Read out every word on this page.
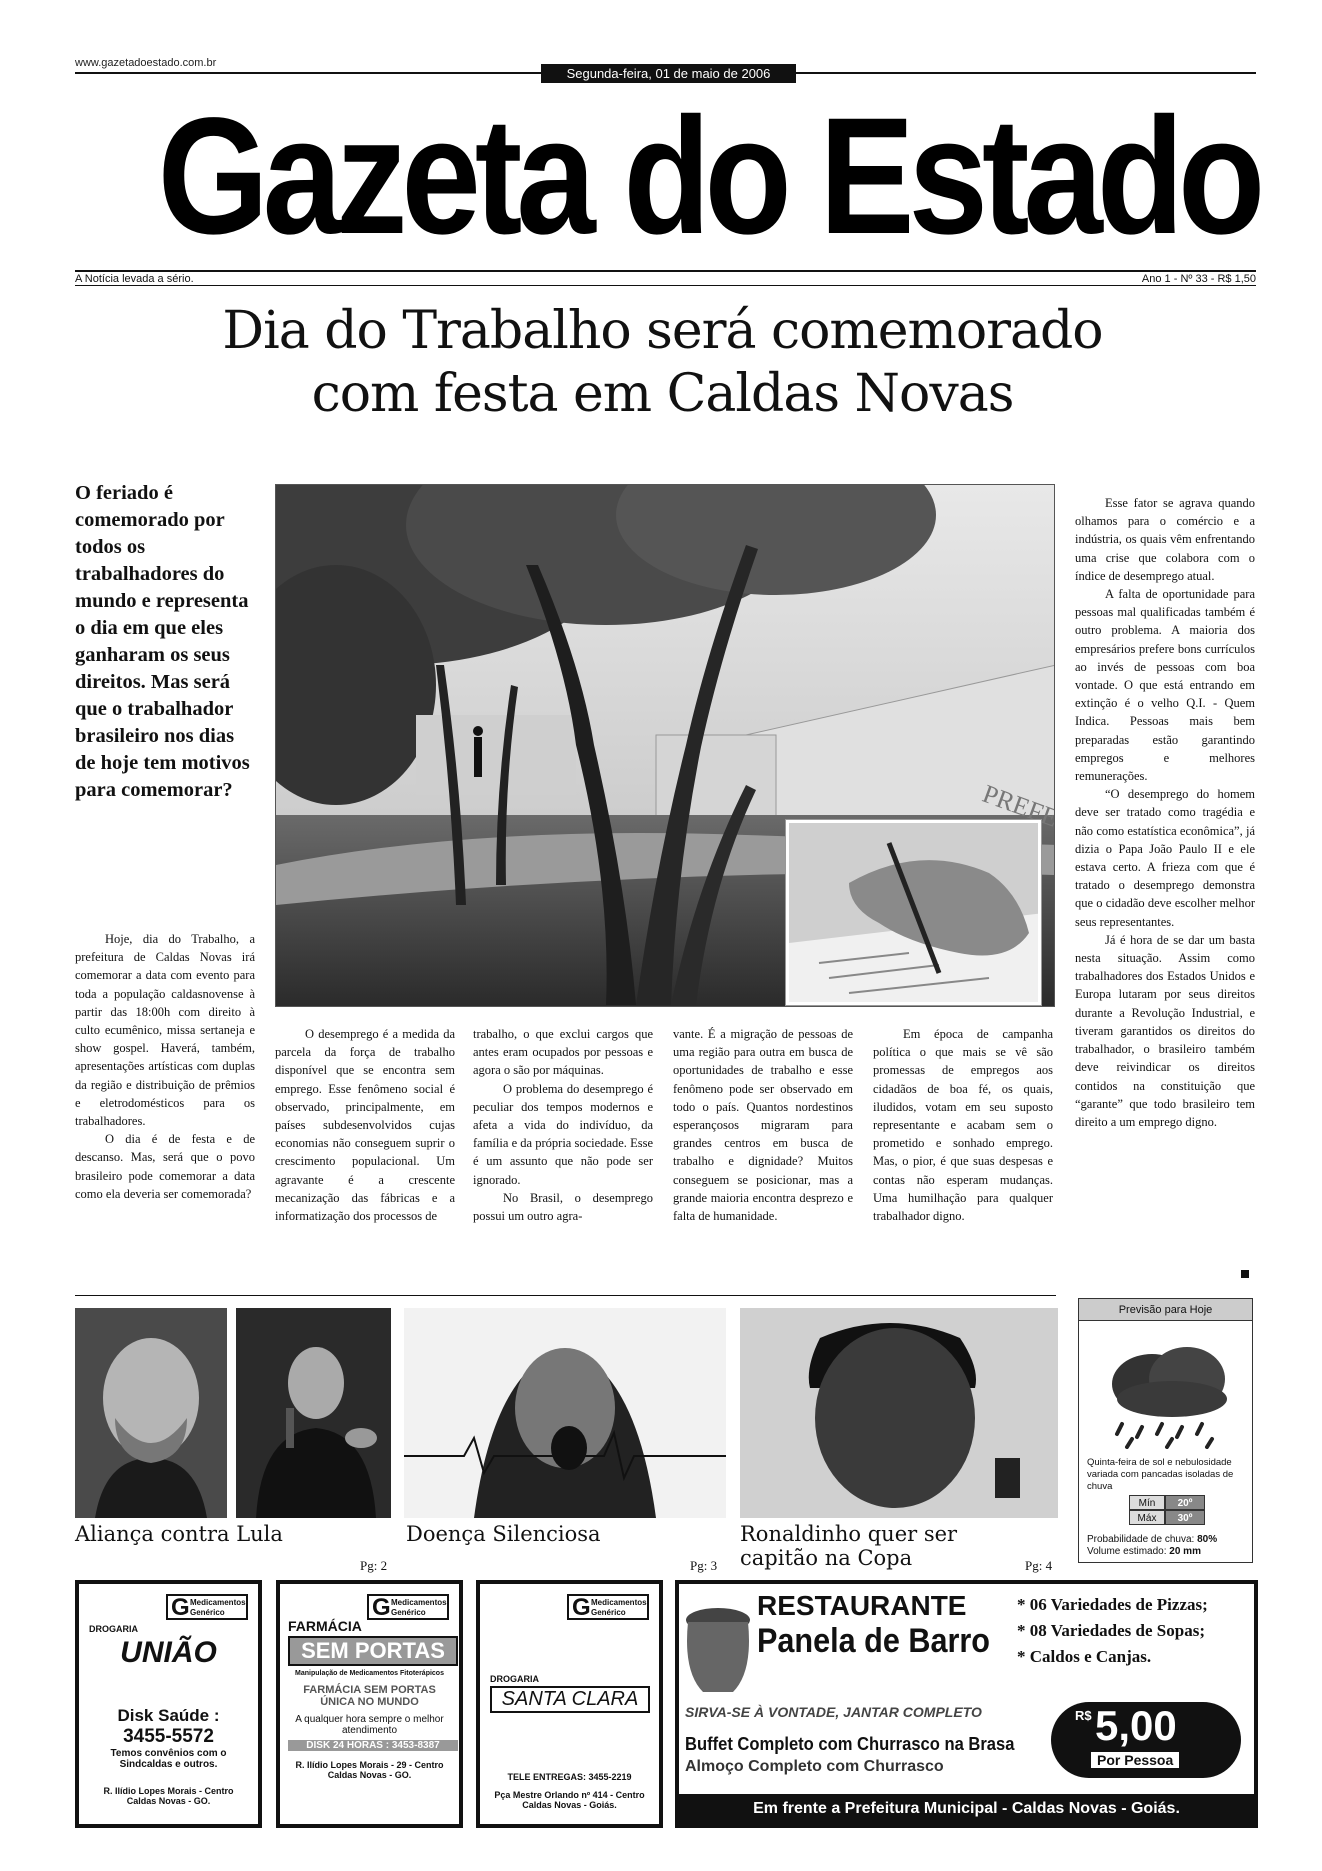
www.gazetadoestado.com.br
Segunda-feira, 01 de maio de 2006
Gazeta do Estado
A Notícia levada a sério.	Ano 1 - Nº 33 - R$ 1,50
Dia do Trabalho será comemorado
com festa em Caldas Novas
O feriado é comemorado por todos os trabalhadores do mundo e representa o dia em que eles ganharam os seus direitos. Mas será que o trabalhador brasileiro nos dias de hoje tem motivos para comemorar?	PREFEITURA

Hoje, dia do Trabalho, a prefeitura de Caldas Novas irá comemorar a data com evento para toda a população caldasnovense à partir das 18:00h com direito à culto ecumênico, missa sertaneja e show gospel. Haverá, também, apresentações artísticas com duplas da região e distribuição de prêmios e eletrodomésticos para os trabalhadores.

O dia é de festa e de descanso. Mas, será que o povo brasileiro pode comemorar a data como ela deveria ser comemorada?

O desemprego é a medida da parcela da força de trabalho disponível que se encontra sem emprego. Esse fenômeno social é observado, principalmente, em países subdesenvolvidos cujas economias não conseguem suprir o crescimento populacional. Um agravante é a crescente mecanização das fábricas e a informatização dos processos de

trabalho, o que exclui cargos que antes eram ocupados por pessoas e agora o são por máquinas.

O problema do desemprego é peculiar dos tempos modernos e afeta a vida do indivíduo, da família e da própria sociedade. Esse é um assunto que não pode ser ignorado.

No Brasil, o desemprego possui um outro agra-

vante. É a migração de pessoas de uma região para outra em busca de oportunidades de trabalho e esse fenômeno pode ser observado em todo o país. Quantos nordestinos esperançosos migraram para grandes centros em busca de trabalho e dignidade? Muitos conseguem se posicionar, mas a grande maioria encontra desprezo e falta de humanidade.

Em época de campanha política o que mais se vê são promessas de empregos aos cidadãos de boa fé, os quais, iludidos, votam em seu suposto representante e acabam sem o prometido e sonhado emprego. Mas, o pior, é que suas despesas e contas não esperam mudanças. Uma humilhação para qualquer trabalhador digno.

Esse fator se agrava quando olhamos para o comércio e a indústria, os quais vêm enfrentando uma crise que colabora com o índice de desemprego atual.

A falta de oportunidade para pessoas mal qualificadas também é outro problema. A maioria dos empresários prefere bons currículos ao invés de pessoas com boa vontade. O que está entrando em extinção é o velho Q.I. - Quem Indica. Pessoas mais bem preparadas estão garantindo empregos e melhores remunerações.

“O desemprego do homem deve ser tratado como tragédia e não como estatística econômica”, já dizia o Papa João Paulo II e ele estava certo. A frieza com que é tratado o desemprego demonstra que o cidadão deve escolher melhor seus representantes.

Já é hora de se dar um basta nesta situação. Assim como trabalhadores dos Estados Unidos e Europa lutaram por seus direitos durante a Revolução Industrial, e tiveram garantidos os direitos do trabalhador, o brasileiro também deve reivindicar os direitos contidos na constituição que “garante” que todo brasileiro tem direito a um emprego digno.

Aliança contra Lula
Pg: 2
Doença Silenciosa
Pg: 3
Ronaldinho quer ser capitão na Copa	Pg: 4
Previsão para Hoje
Quinta-feira de sol e nebulosidade variada com pancadas isoladas de chuva
Mín	20º
Máx	30º
Probabilidade de chuva: 80%
Volume estimado: 20 mm
G Medicamentos
Genérico
DROGARIA
UNIÃO
Disk Saúde :
3455-5572
Temos convênios com o Sindcaldas e outros.
R. Ilídio Lopes Morais - Centro Caldas Novas - GO.
G Medicamentos
Genérico
FARMÁCIA
SEM PORTAS
Manipulação de Medicamentos Fitoterápicos
FARMÁCIA SEM PORTAS ÚNICA NO MUNDO
A qualquer hora sempre o melhor atendimento
DISK 24 HORAS : 3453-8387
R. Ilídio Lopes Morais - 29 - Centro Caldas Novas - GO.
G Medicamentos
Genérico
DROGARIA
SANTA CLARA
TELE ENTREGAS: 3455-2219
Pça Mestre Orlando nº 414 - Centro Caldas Novas - Goiás.
RESTAURANTE
Panela de Barro
* 06 Variedades de Pizzas;
* 08 Variedades de Sopas;
* Caldos e Canjas.
SIRVA-SE À VONTADE, JANTAR COMPLETO
Buffet Completo com Churrasco na Brasa
Almoço Completo com Churrasco
R$ 5,00
Por Pessoa
Em frente a Prefeitura Municipal - Caldas Novas - Goiás.
